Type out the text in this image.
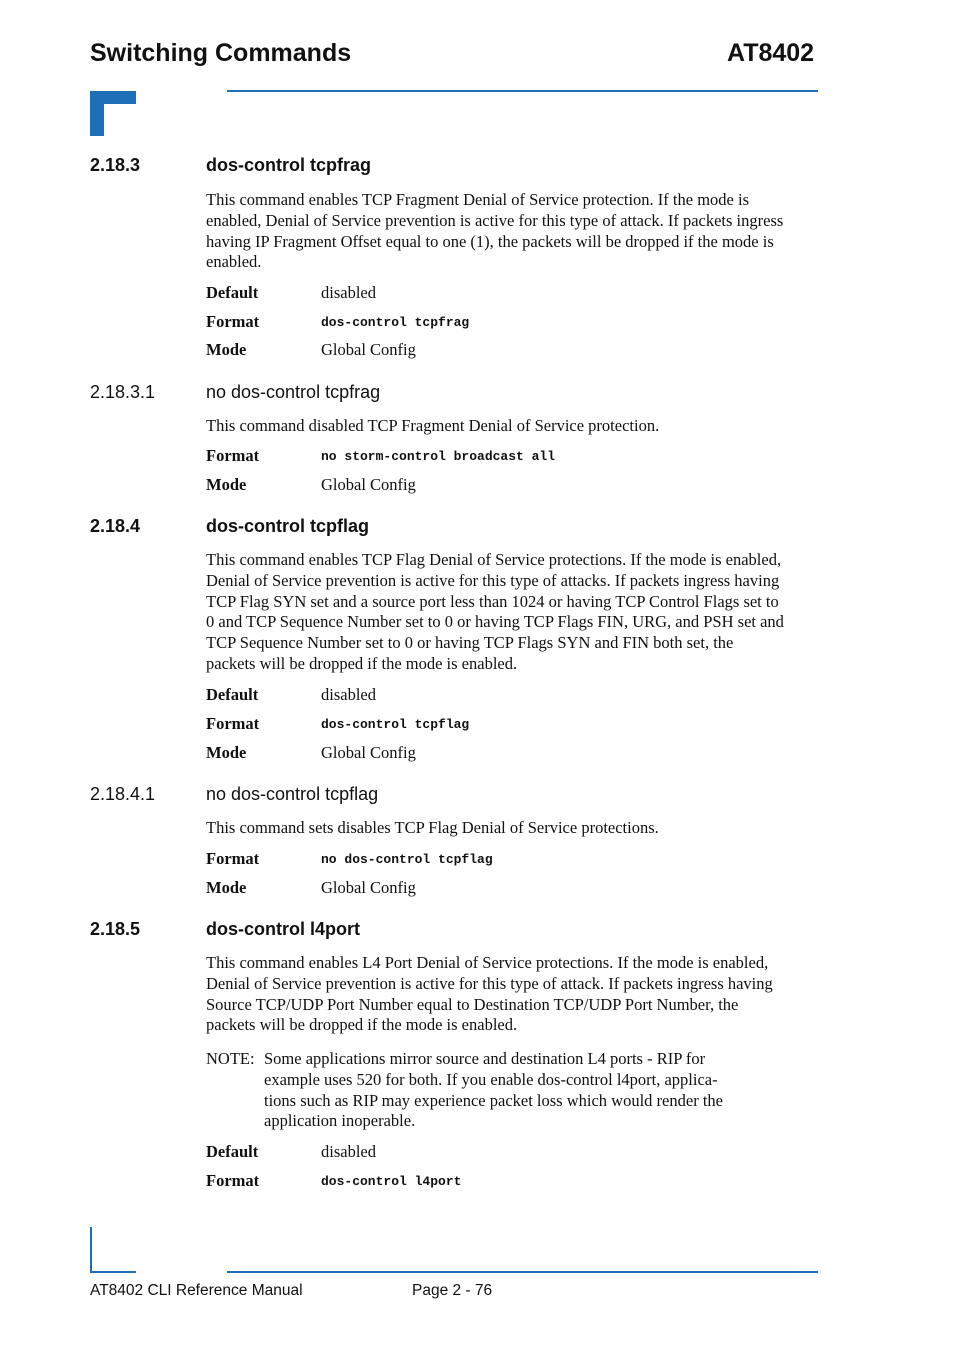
Switching Commands	AT8402
2.18.3	dos-control tcpfrag
This command enables TCP Fragment Denial of Service protection. If the mode is
enabled, Denial of Service prevention is active for this type of attack. If packets ingress
having IP Fragment Offset equal to one (1), the packets will be dropped if the mode is
enabled.
Default	disabled
Format	dos-control tcpfrag
Mode	Global Config
2.18.3.1	no dos-control tcpfrag
This command disabled TCP Fragment Denial of Service protection.
Format	no storm-control broadcast all
Mode	Global Config
2.18.4	dos-control tcpflag
This command enables TCP Flag Denial of Service protections. If the mode is enabled,
Denial of Service prevention is active for this type of attacks. If packets ingress having
TCP Flag SYN set and a source port less than 1024 or having TCP Control Flags set to
0 and TCP Sequence Number set to 0 or having TCP Flags FIN, URG, and PSH set and
TCP Sequence Number set to 0 or having TCP Flags SYN and FIN both set, the
packets will be dropped if the mode is enabled.
Default	disabled
Format	dos-control tcpflag
Mode	Global Config
2.18.4.1	no dos-control tcpflag
This command sets disables TCP Flag Denial of Service protections.
Format	no dos-control tcpflag
Mode	Global Config
2.18.5	dos-control l4port
This command enables L4 Port Denial of Service protections. If the mode is enabled,
Denial of Service prevention is active for this type of attack. If packets ingress having
Source TCP/UDP Port Number equal to Destination TCP/UDP Port Number, the
packets will be dropped if the mode is enabled.
NOTE: Some applications mirror source and destination L4 ports - RIP for
example uses 520 for both. If you enable dos-control l4port, applica-
tions such as RIP may experience packet loss which would render the
application inoperable.
Default	disabled
Format	dos-control l4port
AT8402 CLI Reference Manual	Page 2 - 76
